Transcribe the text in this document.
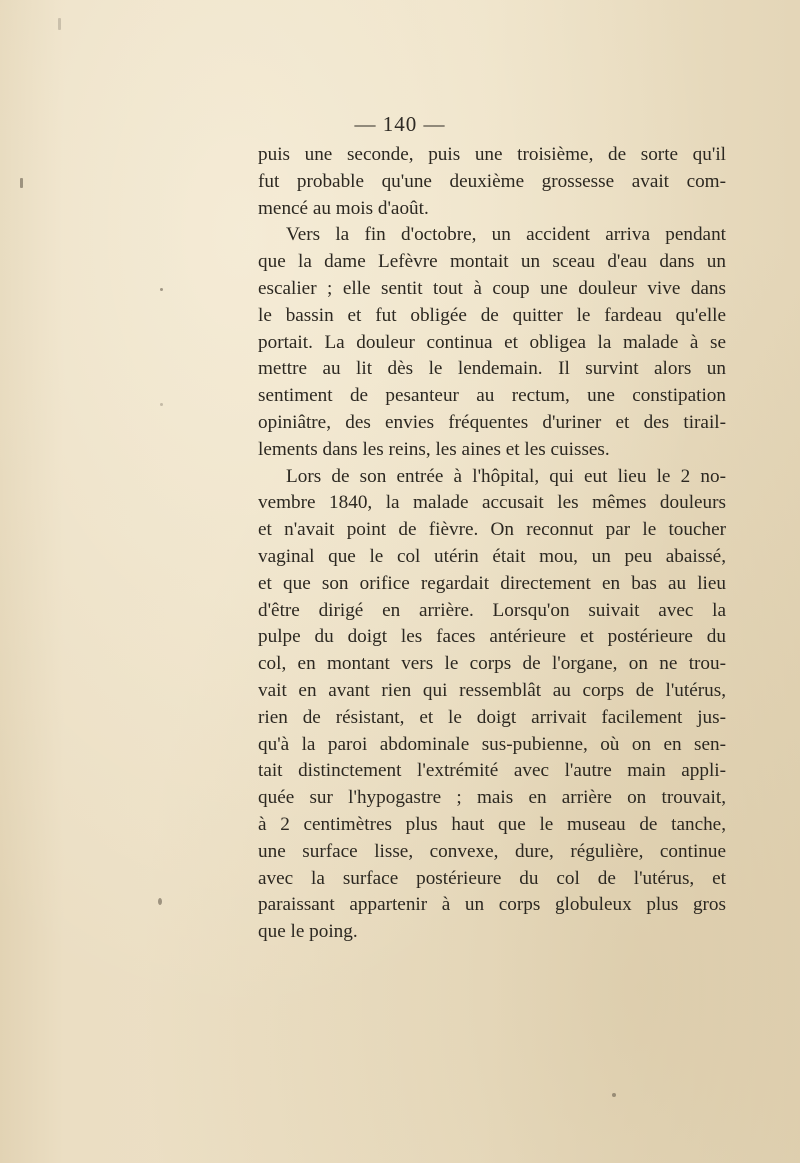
— 140 —
puis une seconde, puis une troisième, de sorte qu'il
fut probable qu'une deuxième grossesse avait com-
mencé au mois d'août.
Vers la fin d'octobre, un accident arriva pendant
que la dame Lefèvre montait un sceau d'eau dans un
escalier ; elle sentit tout à coup une douleur vive dans
le bassin et fut obligée de quitter le fardeau qu'elle
portait. La douleur continua et obligea la malade à se
mettre au lit dès le lendemain. Il survint alors un
sentiment de pesanteur au rectum, une constipation
opiniâtre, des envies fréquentes d'uriner et des tirail-
lements dans les reins, les aines et les cuisses.
Lors de son entrée à l'hôpital, qui eut lieu le 2 no-
vembre 1840, la malade accusait les mêmes douleurs
et n'avait point de fièvre. On reconnut par le toucher
vaginal que le col utérin était mou, un peu abaissé,
et que son orifice regardait directement en bas au lieu
d'être dirigé en arrière. Lorsqu'on suivait avec la
pulpe du doigt les faces antérieure et postérieure du
col, en montant vers le corps de l'organe, on ne trou-
vait en avant rien qui ressemblât au corps de l'utérus,
rien de résistant, et le doigt arrivait facilement jus-
qu'à la paroi abdominale sus-pubienne, où on en sen-
tait distinctement l'extrémité avec l'autre main appli-
quée sur l'hypogastre ; mais en arrière on trouvait,
à 2 centimètres plus haut que le museau de tanche,
une surface lisse, convexe, dure, régulière, continue
avec la surface postérieure du col de l'utérus, et
paraissant appartenir à un corps globuleux plus gros
que le poing.
